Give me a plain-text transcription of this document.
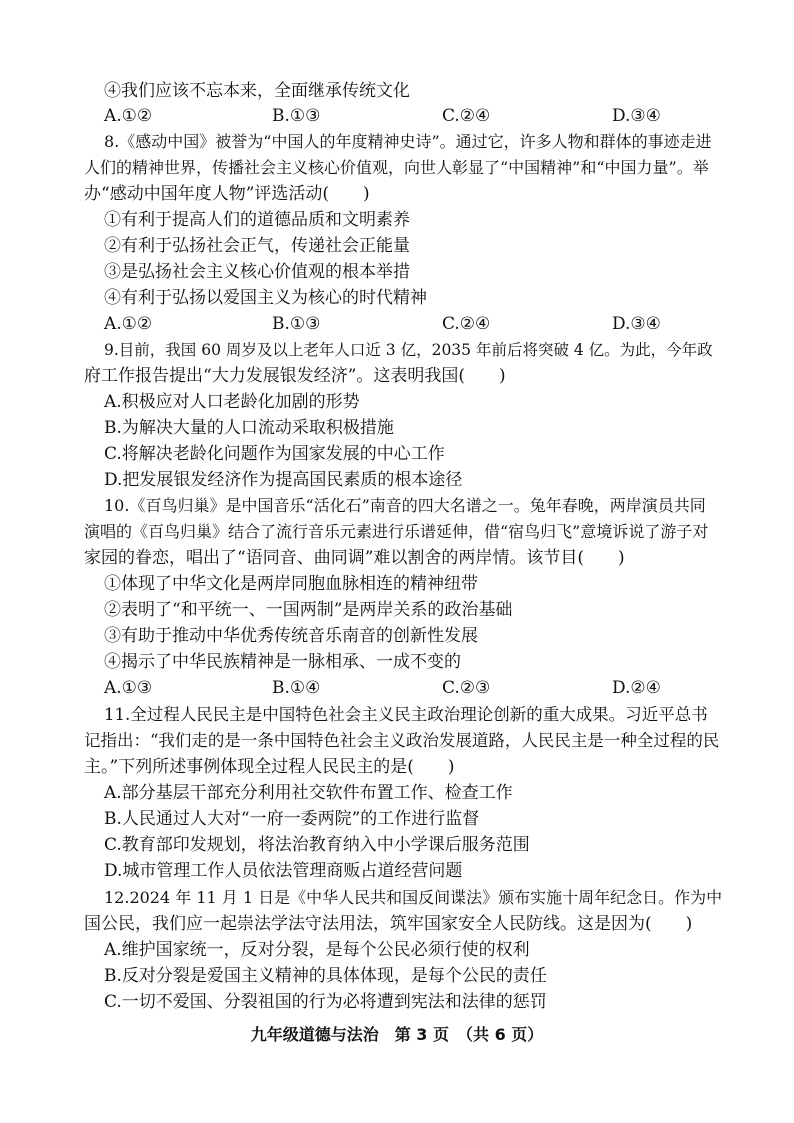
④我们应该不忘本来，全面继承传统文化
A.①②	B.①③	C.②④	D.③④
8.《感动中国》被誉为“中国人的年度精神史诗”。通过它，许多人物和群体的事迹走进
人们的精神世界，传播社会主义核心价值观，向世人彰显了“中国精神”和“中国力量”。举
办“感动中国年度人物”评选活动(　　)
①有利于提高人们的道德品质和文明素养
②有利于弘扬社会正气，传递社会正能量
③是弘扬社会主义核心价值观的根本举措
④有利于弘扬以爱国主义为核心的时代精神
A.①②	B.①③	C.②④	D.③④
9.目前，我国 60 周岁及以上老年人口近 3 亿，2035 年前后将突破 4 亿。为此，今年政
府工作报告提出“大力发展银发经济”。这表明我国(　　)
A.积极应对人口老龄化加剧的形势
B.为解决大量的人口流动采取积极措施
C.将解决老龄化问题作为国家发展的中心工作
D.把发展银发经济作为提高国民素质的根本途径
10.《百鸟归巢》是中国音乐“活化石”南音的四大名谱之一。兔年春晚，两岸演员共同
演唱的《百鸟归巢》结合了流行音乐元素进行乐谱延伸，借“宿鸟归飞”意境诉说了游子对
家园的眷恋，唱出了“语同音、曲同调”难以割舍的两岸情。该节目(　　)
①体现了中华文化是两岸同胞血脉相连的精神纽带
②表明了“和平统一、一国两制”是两岸关系的政治基础
③有助于推动中华优秀传统音乐南音的创新性发展
④揭示了中华民族精神是一脉相承、一成不变的
A.①③	B.①④	C.②③	D.②④
11.全过程人民民主是中国特色社会主义民主政治理论创新的重大成果。习近平总书
记指出：“我们走的是一条中国特色社会主义政治发展道路，人民民主是一种全过程的民
主。”下列所述事例体现全过程人民民主的是(　　)
A.部分基层干部充分利用社交软件布置工作、检查工作
B.人民通过人大对“一府一委两院”的工作进行监督
C.教育部印发规划，将法治教育纳入中小学课后服务范围
D.城市管理工作人员依法管理商贩占道经营问题
12.2024 年 11 月 1 日是《中华人民共和国反间谍法》颁布实施十周年纪念日。作为中
国公民，我们应一起崇法学法守法用法，筑牢国家安全人民防线。这是因为(　　)
A.维护国家统一，反对分裂，是每个公民必须行使的权利
B.反对分裂是爱国主义精神的具体体现，是每个公民的责任
C.一切不爱国、分裂祖国的行为必将遭到宪法和法律的惩罚
九年级道德与法治　第 3 页　（共 6 页）
